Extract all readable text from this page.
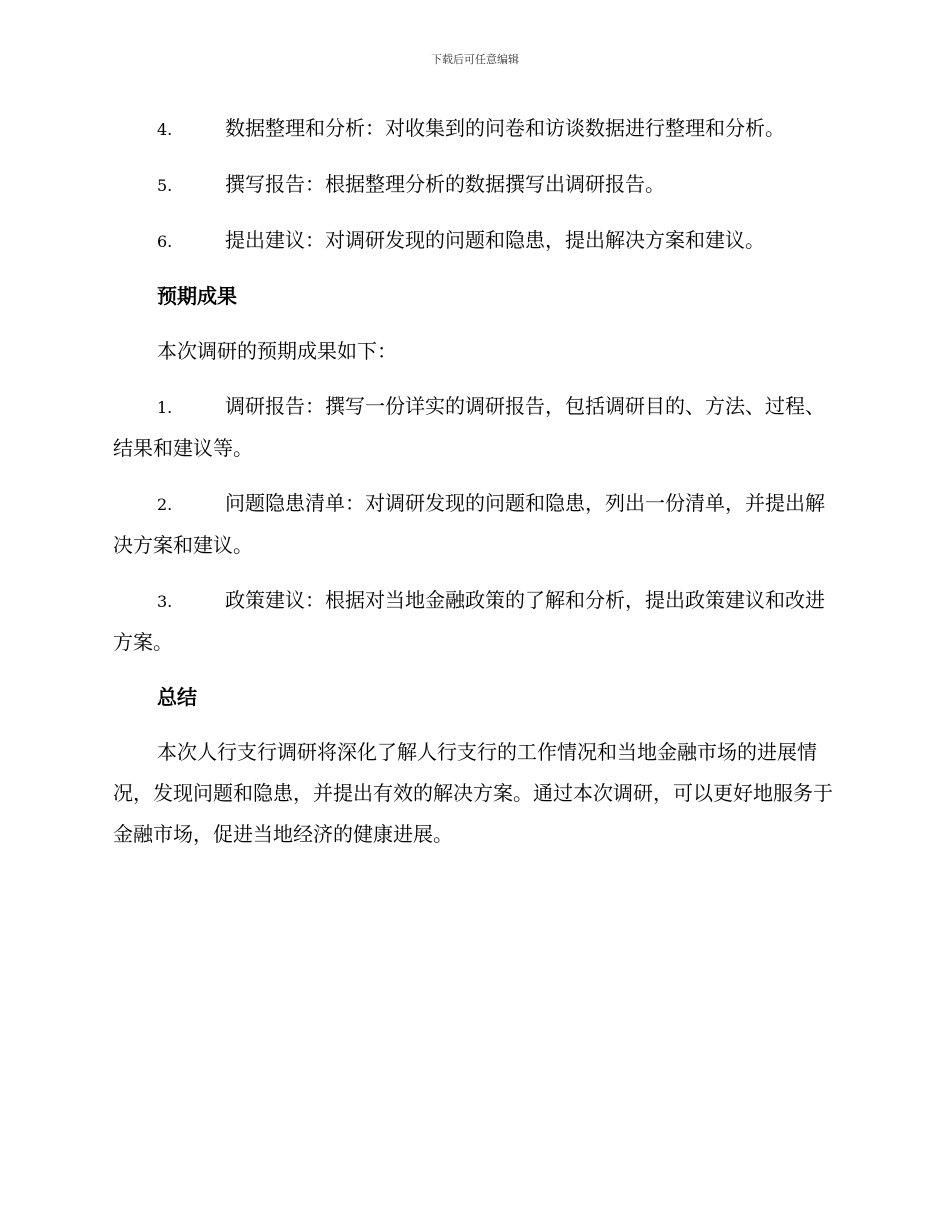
下载后可任意编辑

4.	数据整理和分析：对收集到的问卷和访谈数据进行整理和分析。

5.	撰写报告：根据整理分析的数据撰写出调研报告。

6.	提出建议：对调研发现的问题和隐患，提出解决方案和建议。

预期成果

本次调研的预期成果如下：

1.	调研报告：撰写一份详实的调研报告，包括调研目的、方法、过程、结果和建议等。

2.	问题隐患清单：对调研发现的问题和隐患，列出一份清单，并提出解决方案和建议。

3.	政策建议：根据对当地金融政策的了解和分析，提出政策建议和改进方案。

总结

本次人行支行调研将深化了解人行支行的工作情况和当地金融市场的进展情况，发现问题和隐患，并提出有效的解决方案。通过本次调研，可以更好地服务于金融市场，促进当地经济的健康进展。
